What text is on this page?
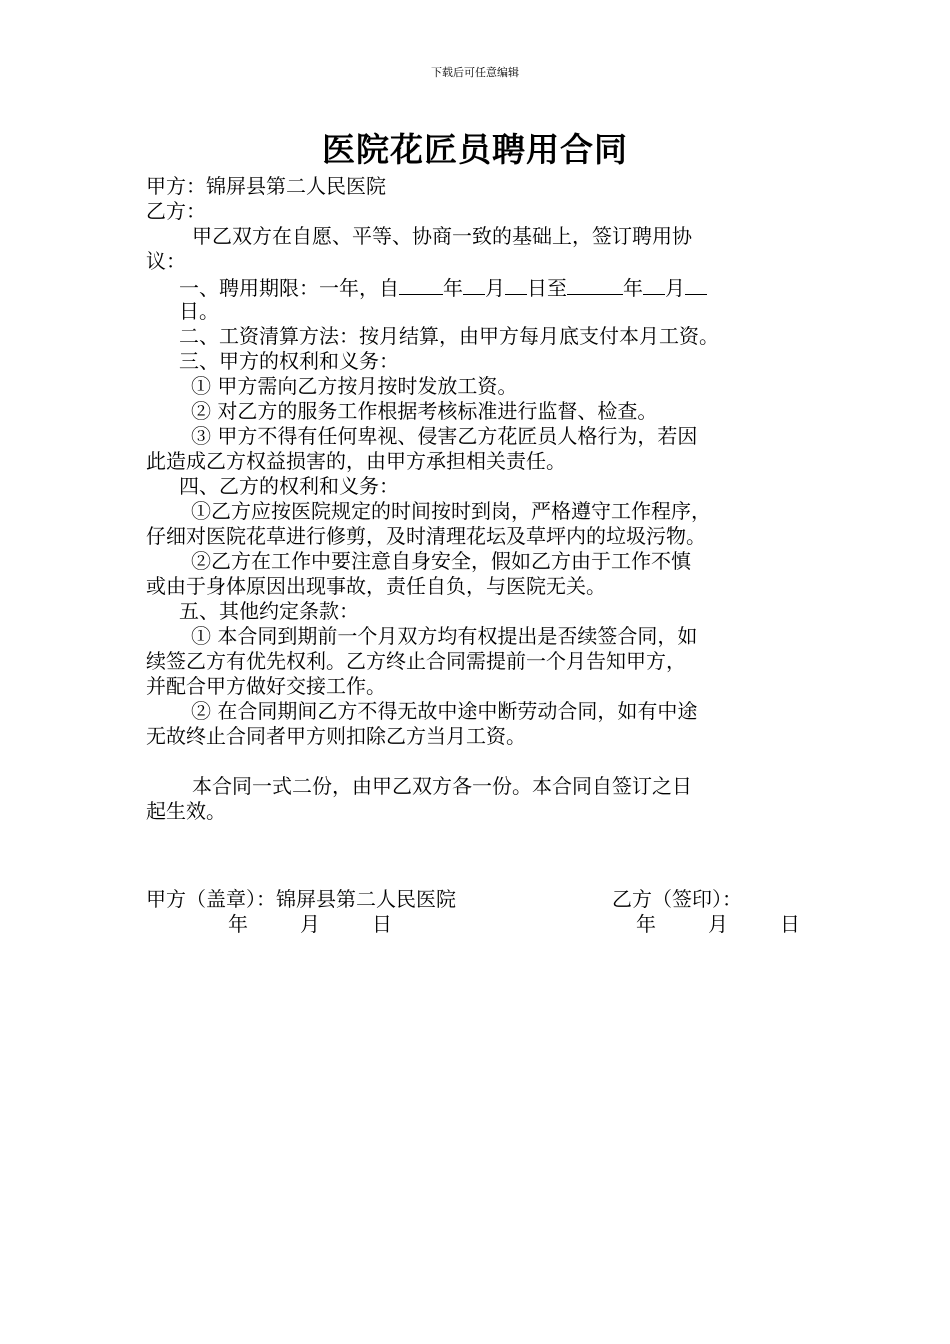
下载后可任意编辑
医院花匠员聘用合同
甲方：锦屏县第二人民医院
乙方：
甲乙双方在自愿、平等、协商一致的基础上，签订聘用协
议：
一、聘用期限：一年，自 年 月 日至	年 月
日。
二、工资清算方法：按月结算，由甲方每月底支付本月工资。
三、甲方的权利和义务：
① 甲方需向乙方按月按时发放工资。
② 对乙方的服务工作根据考核标准进行监督、检查。
③ 甲方不得有任何卑视、侵害乙方花匠员人格行为，若因
此造成乙方权益损害的，由甲方承担相关责任。
四、乙方的权利和义务：
①乙方应按医院规定的时间按时到岗，严格遵守工作程序，
仔细对医院花草进行修剪，及时清理花坛及草坪内的垃圾污物。
②乙方在工作中要注意自身安全，假如乙方由于工作不慎
或由于身体原因出现事故，责任自负，与医院无关。
五、其他约定条款：
① 本合同到期前一个月双方均有权提出是否续签合同，如
续签乙方有优先权利。乙方终止合同需提前一个月告知甲方，
并配合甲方做好交接工作。
② 在合同期间乙方不得无故中途中断劳动合同，如有中途
无故终止合同者甲方则扣除乙方当月工资。
本合同一式二份，由甲乙双方各一份。本合同自签订之日
起生效。
甲方（盖章）：锦屏县第二人民医院	乙方（签印）：
年	月	日	年	月	日
